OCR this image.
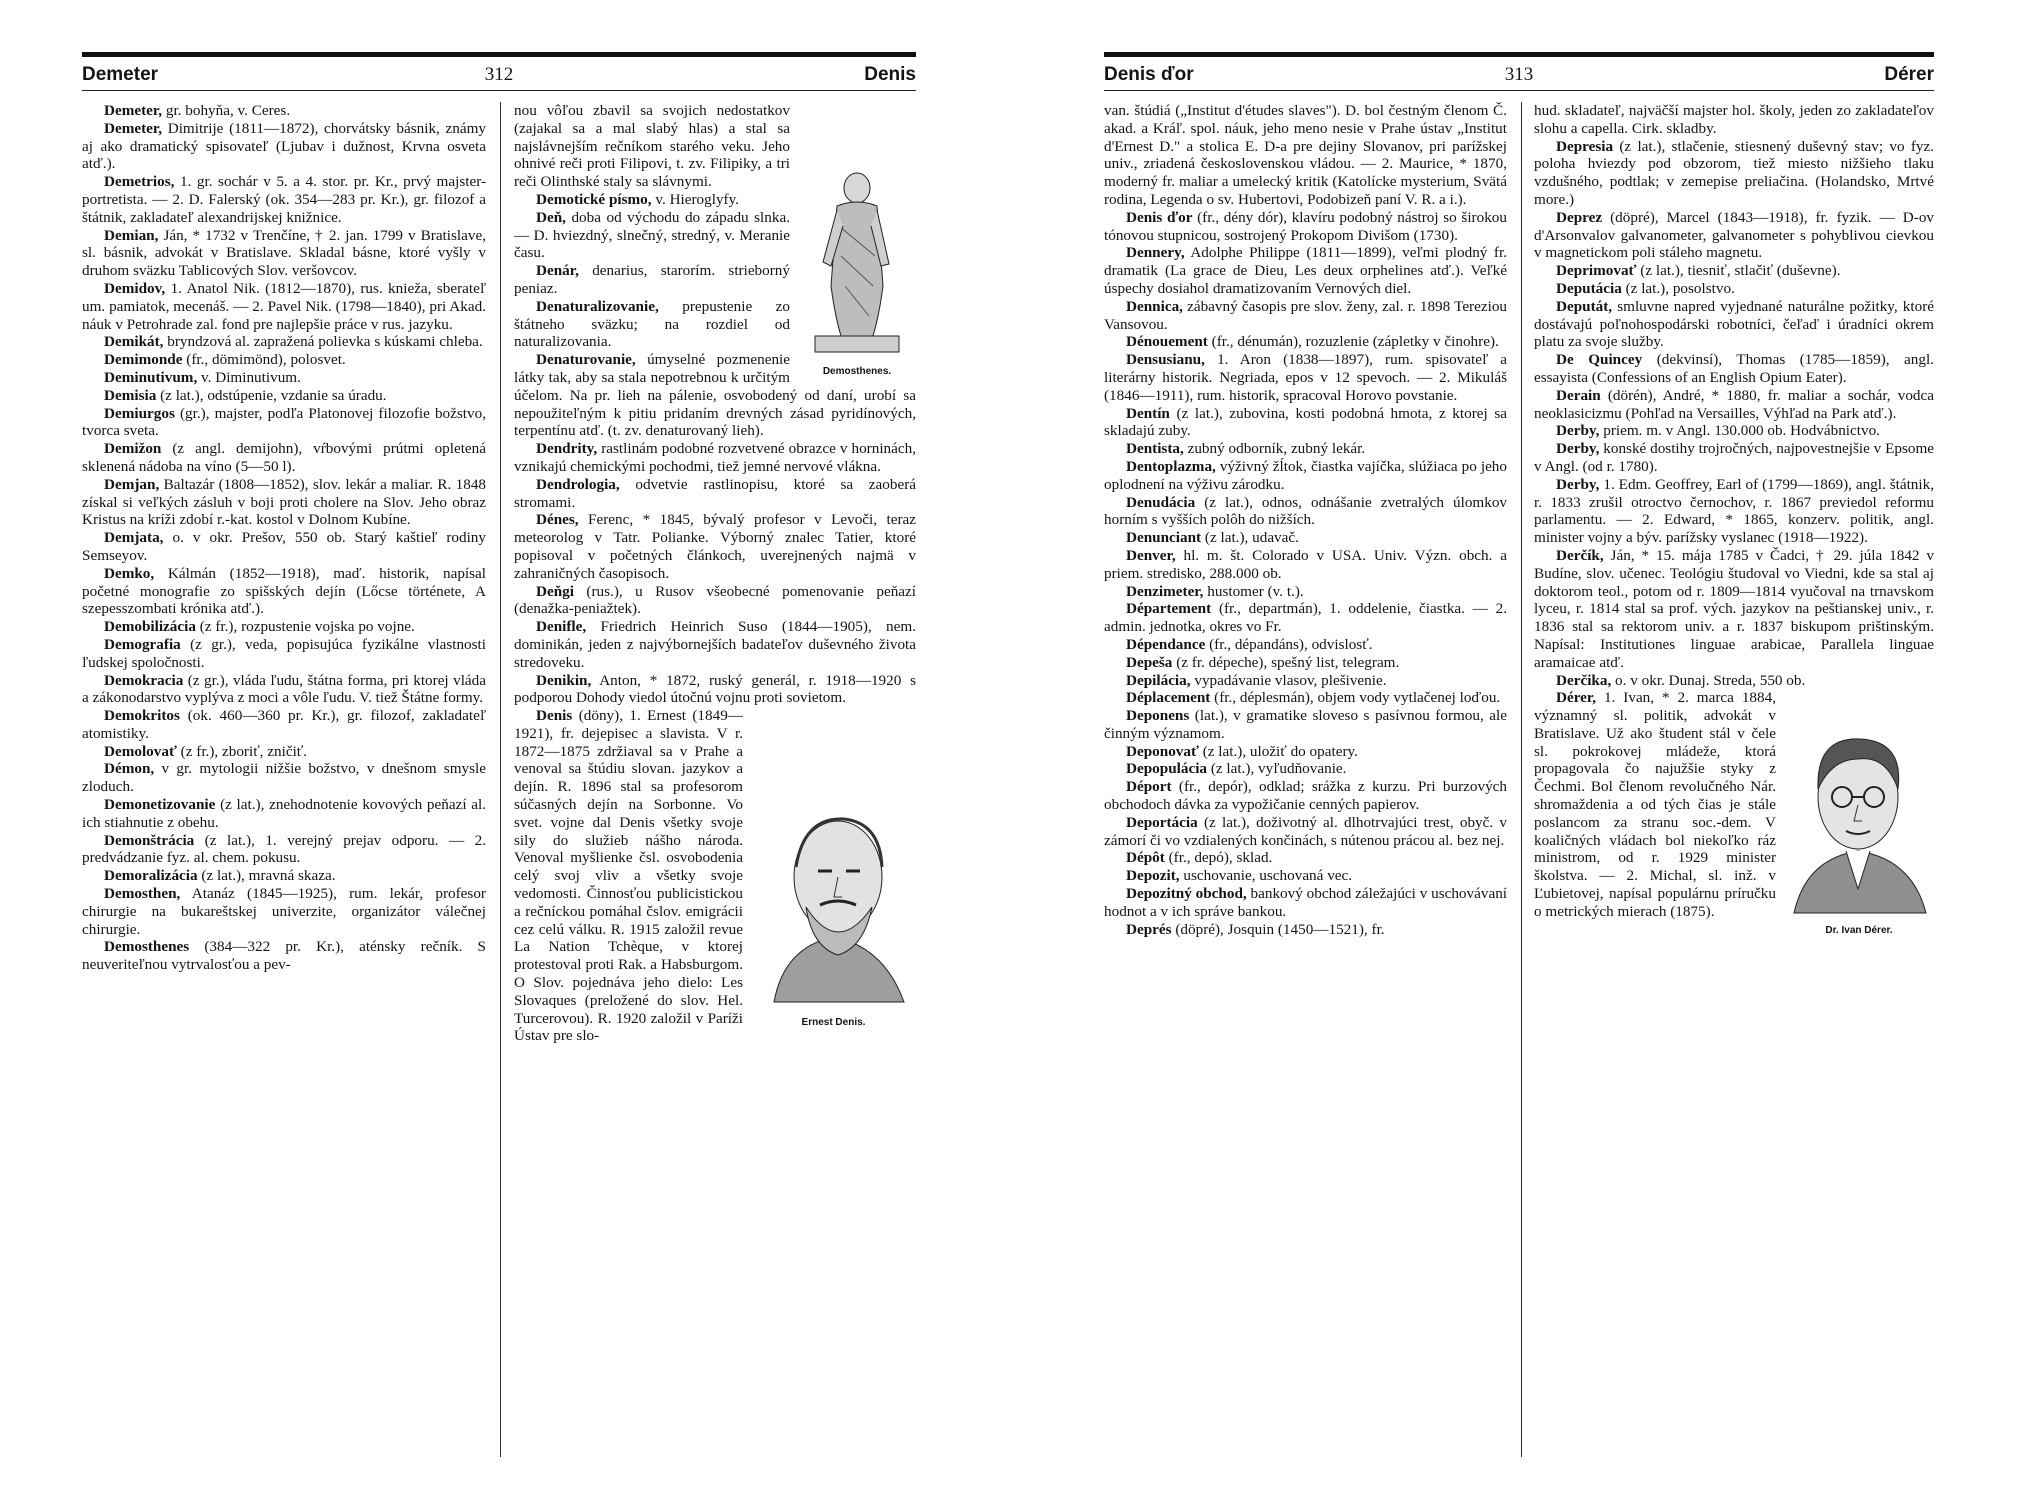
Demeter	312	Denis

Demeter, gr. bohyňa, v. Ceres.

Demeter, Dimitrije (1811—1872), chorvátsky básnik, známy aj ako dramatický spisovateľ (Ljubav i dužnost, Krvna osveta atď.).

Demetrios, 1. gr. sochár v 5. a 4. stor. pr. Kr., prvý majster-portretista. — 2. D. Falerský (ok. 354—283 pr. Kr.), gr. filozof a štátnik, zakladateľ alexandrijskej knižnice.

Demian, Ján, * 1732 v Trenčíne, † 2. jan. 1799 v Bratislave, sl. básnik, advokát v Bratislave. Skladal básne, ktoré vyšly v druhom sväzku Tablicových Slov. veršovcov.

Demidov, 1. Anatol Nik. (1812—1870), rus. knieža, sberateľ um. pamiatok, mecenáš. — 2. Pavel Nik. (1798—1840), pri Akad. náuk v Petrohrade zal. fond pre najlepšie práce v rus. jazyku.

Demikát, bryndzová al. zapražená polievka s kúskami chleba.

Demimonde (fr., dömimönd), polosvet.

Deminutivum, v. Diminutivum.

Demisia (z lat.), odstúpenie, vzdanie sa úradu.

Demiurgos (gr.), majster, podľa Platonovej filozofie božstvo, tvorca sveta.

Demižon (z angl. demijohn), vŕbovými prútmi opletená sklenená nádoba na víno (5—50 l).

Demjan, Baltazár (1808—1852), slov. lekár a maliar. R. 1848 získal si veľkých zásluh v boji proti cholere na Slov. Jeho obraz Kristus na kríži zdobí r.-kat. kostol v Dolnom Kubíne.

Demjata, o. v okr. Prešov, 550 ob. Starý kaštieľ rodiny Semseyov.

Demko, Kálmán (1852—1918), maď. historik, napísal početné monografie zo spišských dejín (Lőcse története, A szepesszombati krónika atď.).

Demobilizácia (z fr.), rozpustenie vojska po vojne.

Demografia (z gr.), veda, popisujúca fyzikálne vlastnosti ľudskej spoločnosti.

Demokracia (z gr.), vláda ľudu, štátna forma, pri ktorej vláda a zákonodarstvo vyplýva z moci a vôle ľudu. V. tiež Štátne formy.

Demokritos (ok. 460—360 pr. Kr.), gr. filozof, zakladateľ atomistiky.

Demolovať (z fr.), zboriť, zničiť.

Démon, v gr. mytologii nižšie božstvo, v dnešnom smysle zloduch.

Demonetizovanie (z lat.), znehodnotenie kovových peňazí al. ich stiahnutie z obehu.

Demonštrácia (z lat.), 1. verejný prejav odporu. — 2. predvádzanie fyz. al. chem. pokusu.

Demoralizácia (z lat.), mravná skaza.

Demosthen, Atanáz (1845—1925), rum. lekár, profesor chirurgie na bukareštskej univerzite, organizátor válečnej chirurgie.

Demosthenes (384—322 pr. Kr.), aténsky rečník. S neuveriteľnou vytrvalosťou a pev-

Demosthenes.

nou vôľou zbavil sa svojich nedostatkov (zajakal sa a mal slabý hlas) a stal sa najslávnejším rečníkom starého veku. Jeho ohnivé reči proti Filipovi, t. zv. Filipiky, a tri reči Olinthské staly sa slávnymi.

Demotické písmo, v. Hieroglyfy.

Deň, doba od východu do západu slnka. — D. hviezdný, slnečný, stredný, v. Meranie času.

Denár, denarius, starorím. strieborný peniaz.

Denaturalizovanie, prepustenie zo štátneho sväzku; na rozdiel od naturalizovania.

Denaturovanie, úmyselné pozmenenie látky tak, aby sa stala nepotrebnou k určitým účelom. Na pr. lieh na pálenie, osvobodený od daní, urobí sa nepoužiteľným k pitiu pridaním drevných zásad pyridínových, terpentínu atď. (t. zv. denaturovaný lieh).

Dendrity, rastlinám podobné rozvetvené obrazce v horninách, vznikajú chemickými pochodmi, tiež jemné nervové vlákna.

Dendrologia, odvetvie rastlinopisu, ktoré sa zaoberá stromami.

Dénes, Ferenc, * 1845, bývalý profesor v Levoči, teraz meteorolog v Tatr. Polianke. Výborný znalec Tatier, ktoré popisoval v početných článkoch, uverejnených najmä v zahraničných časopisoch.

Deňgi (rus.), u Rusov všeobecné pomenovanie peňazí (denažka-peniažtek).

Denifle, Friedrich Heinrich Suso (1844—1905), nem. dominikán, jeden z najvýbornejších badateľov duševného života stredoveku.

Denikin, Anton, * 1872, ruský generál, r. 1918—1920 s podporou Dohody viedol útočnú vojnu proti sovietom.

Ernest Denis.
Denis (döny), 1. Ernest (1849—1921), fr. dejepisec a slavista. V r. 1872—1875 zdržiaval sa v Prahe a venoval sa štúdiu slovan. jazykov a dejín. R. 1896 stal sa profesorom súčasných dejín na Sorbonne. Vo svet. vojne dal Denis všetky svoje sily do služieb nášho národa. Venoval myšlienke čsl. osvobodenia celý svoj vliv a všetky svoje vedomosti. Činnosťou publicistickou a rečníckou pomáhal čslov. emigrácii cez celú válku. R. 1915 založil revue La Nation Tchèque, v ktorej protestoval proti Rak. a Habsburgom. O Slov. pojednáva jeho dielo: Les Slovaques (preložené do slov. Hel. Turcerovou). R. 1920 založil v Paríži Ústav pre slo-

Denis ďor	313	Dérer

van. štúdiá („Institut d'études slaves"). D. bol čestným členom Č. akad. a Kráľ. spol. náuk, jeho meno nesie v Prahe ústav „Institut d'Ernest D." a stolica E. D-a pre dejiny Slovanov, pri parížskej univ., zriadená československou vládou. — 2. Maurice, * 1870, moderný fr. maliar a umelecký kritik (Katolícke mysterium, Svätá rodina, Legenda o sv. Hubertovi, Podobizeň paní V. R. a i.).

Denis ďor (fr., dény dór), klavíru podobný nástroj so širokou tónovou stupnicou, sostrojený Prokopom Divišom (1730).

Dennery, Adolphe Philippe (1811—1899), veľmi plodný fr. dramatik (La grace de Dieu, Les deux orphelines atď.). Veľké úspechy dosiahol dramatizovaním Vernových diel.

Dennica, zábavný časopis pre slov. ženy, zal. r. 1898 Tereziou Vansovou.

Dénouement (fr., dénumán), rozuzlenie (zápletky v činohre).

Densusianu, 1. Aron (1838—1897), rum. spisovateľ a literárny historik. Negriada, epos v 12 spevoch. — 2. Mikuláš (1846—1911), rum. historik, spracoval Horovo povstanie.

Dentín (z lat.), zubovina, kosti podobná hmota, z ktorej sa skladajú zuby.

Dentista, zubný odborník, zubný lekár.

Dentoplazma, výživný žĺtok, čiastka vajíčka, slúžiaca po jeho oplodnení na výživu zárodku.

Denudácia (z lat.), odnos, odnášanie zvetralých úlomkov horním s vyšších polôh do nižších.

Denunciant (z lat.), udavač.

Denver, hl. m. št. Colorado v USA. Univ. Význ. obch. a priem. stredisko, 288.000 ob.

Denzimeter, hustomer (v. t.).

Département (fr., departmán), 1. oddelenie, čiastka. — 2. admin. jednotka, okres vo Fr.

Dépendance (fr., dépandáns), odvislosť.

Depeša (z fr. dépeche), spešný list, telegram.

Depilácia, vypadávanie vlasov, plešivenie.

Déplacement (fr., déplesmán), objem vody vytlačenej loďou.

Deponens (lat.), v gramatike sloveso s pasívnou formou, ale činným významom.

Deponovať (z lat.), uložiť do opatery.

Depopulácia (z lat.), vyľudňovanie.

Déport (fr., depór), odklad; srážka z kurzu. Pri burzových obchodoch dávka za vypožičanie cenných papierov.

Deportácia (z lat.), doživotný al. dlhotrvajúci trest, obyč. v zámorí či vo vzdialených končinách, s nútenou prácou al. bez nej.

Dépôt (fr., depó), sklad.

Depozit, uschovanie, uschovaná vec.

Depozitný obchod, bankový obchod záležajúci v uschovávaní hodnot a v ich správe bankou.

Deprés (döpré), Josquin (1450—1521), fr.

hud. skladateľ, najväčší majster hol. školy, jeden zo zakladateľov slohu a capella. Cirk. skladby.

Depresia (z lat.), stlačenie, stiesnený duševný stav; vo fyz. poloha hviezdy pod obzorom, tiež miesto nižšieho tlaku vzdušného, podtlak; v zemepise preliačina. (Holandsko, Mrtvé more.)

Deprez (döpré), Marcel (1843—1918), fr. fyzik. — D-ov d'Arsonvalov galvanometer, galvanometer s pohyblivou cievkou v magnetickom poli stáleho magnetu.

Deprimovať (z lat.), tiesniť, stlačiť (duševne).

Deputácia (z lat.), posolstvo.

Deputát, smluvne napred vyjednané naturálne požitky, ktoré dostávajú poľnohospodárski robotníci, čeľaď i úradníci okrem platu za svoje služby.

De Quincey (dekvinsí), Thomas (1785—1859), angl. essayista (Confessions of an English Opium Eater).

Derain (dörén), André, * 1880, fr. maliar a sochár, vodca neoklasicizmu (Pohľad na Versailles, Výhľad na Park atď.).

Derby, priem. m. v Angl. 130.000 ob. Hodvábnictvo.

Derby, konské dostihy trojročných, najpovestnejšie v Epsome v Angl. (od r. 1780).

Derby, 1. Edm. Geoffrey, Earl of (1799—1869), angl. štátnik, r. 1833 zrušil otroctvo černochov, r. 1867 previedol reformu parlamentu. — 2. Edward, * 1865, konzerv. politik, angl. minister vojny a býv. parížsky vyslanec (1918—1922).

Derčík, Ján, * 15. mája 1785 v Čadci, † 29. júla 1842 v Budíne, slov. učenec. Teológiu študoval vo Viedni, kde sa stal aj doktorom teol., potom od r. 1809—1814 vyučoval na trnavskom lyceu, r. 1814 stal sa prof. vých. jazykov na peštianskej univ., r. 1836 stal sa rektorom univ. a r. 1837 biskupom prištinským. Napísal: Institutiones linguae arabicae, Parallela linguae aramaicae atď.

Derčika, o. v okr. Dunaj. Streda, 550 ob.

Dr. Ivan Dérer.
Dérer, 1. Ivan, * 2. marca 1884, významný sl. politik, advokát v Bratislave. Už ako študent stál v čele sl. pokrokovej mládeže, ktorá propagovala čo najužšie styky z Čechmi. Bol členom revolučného Nár. shromaždenia a od tých čias je stále poslancom za stranu soc.-dem. V koaličných vládach bol niekoľko ráz ministrom, od r. 1929 minister školstva. — 2. Michal, sl. inž. v Ľubietovej, napísal populárnu príručku o metrických mierach (1875).
